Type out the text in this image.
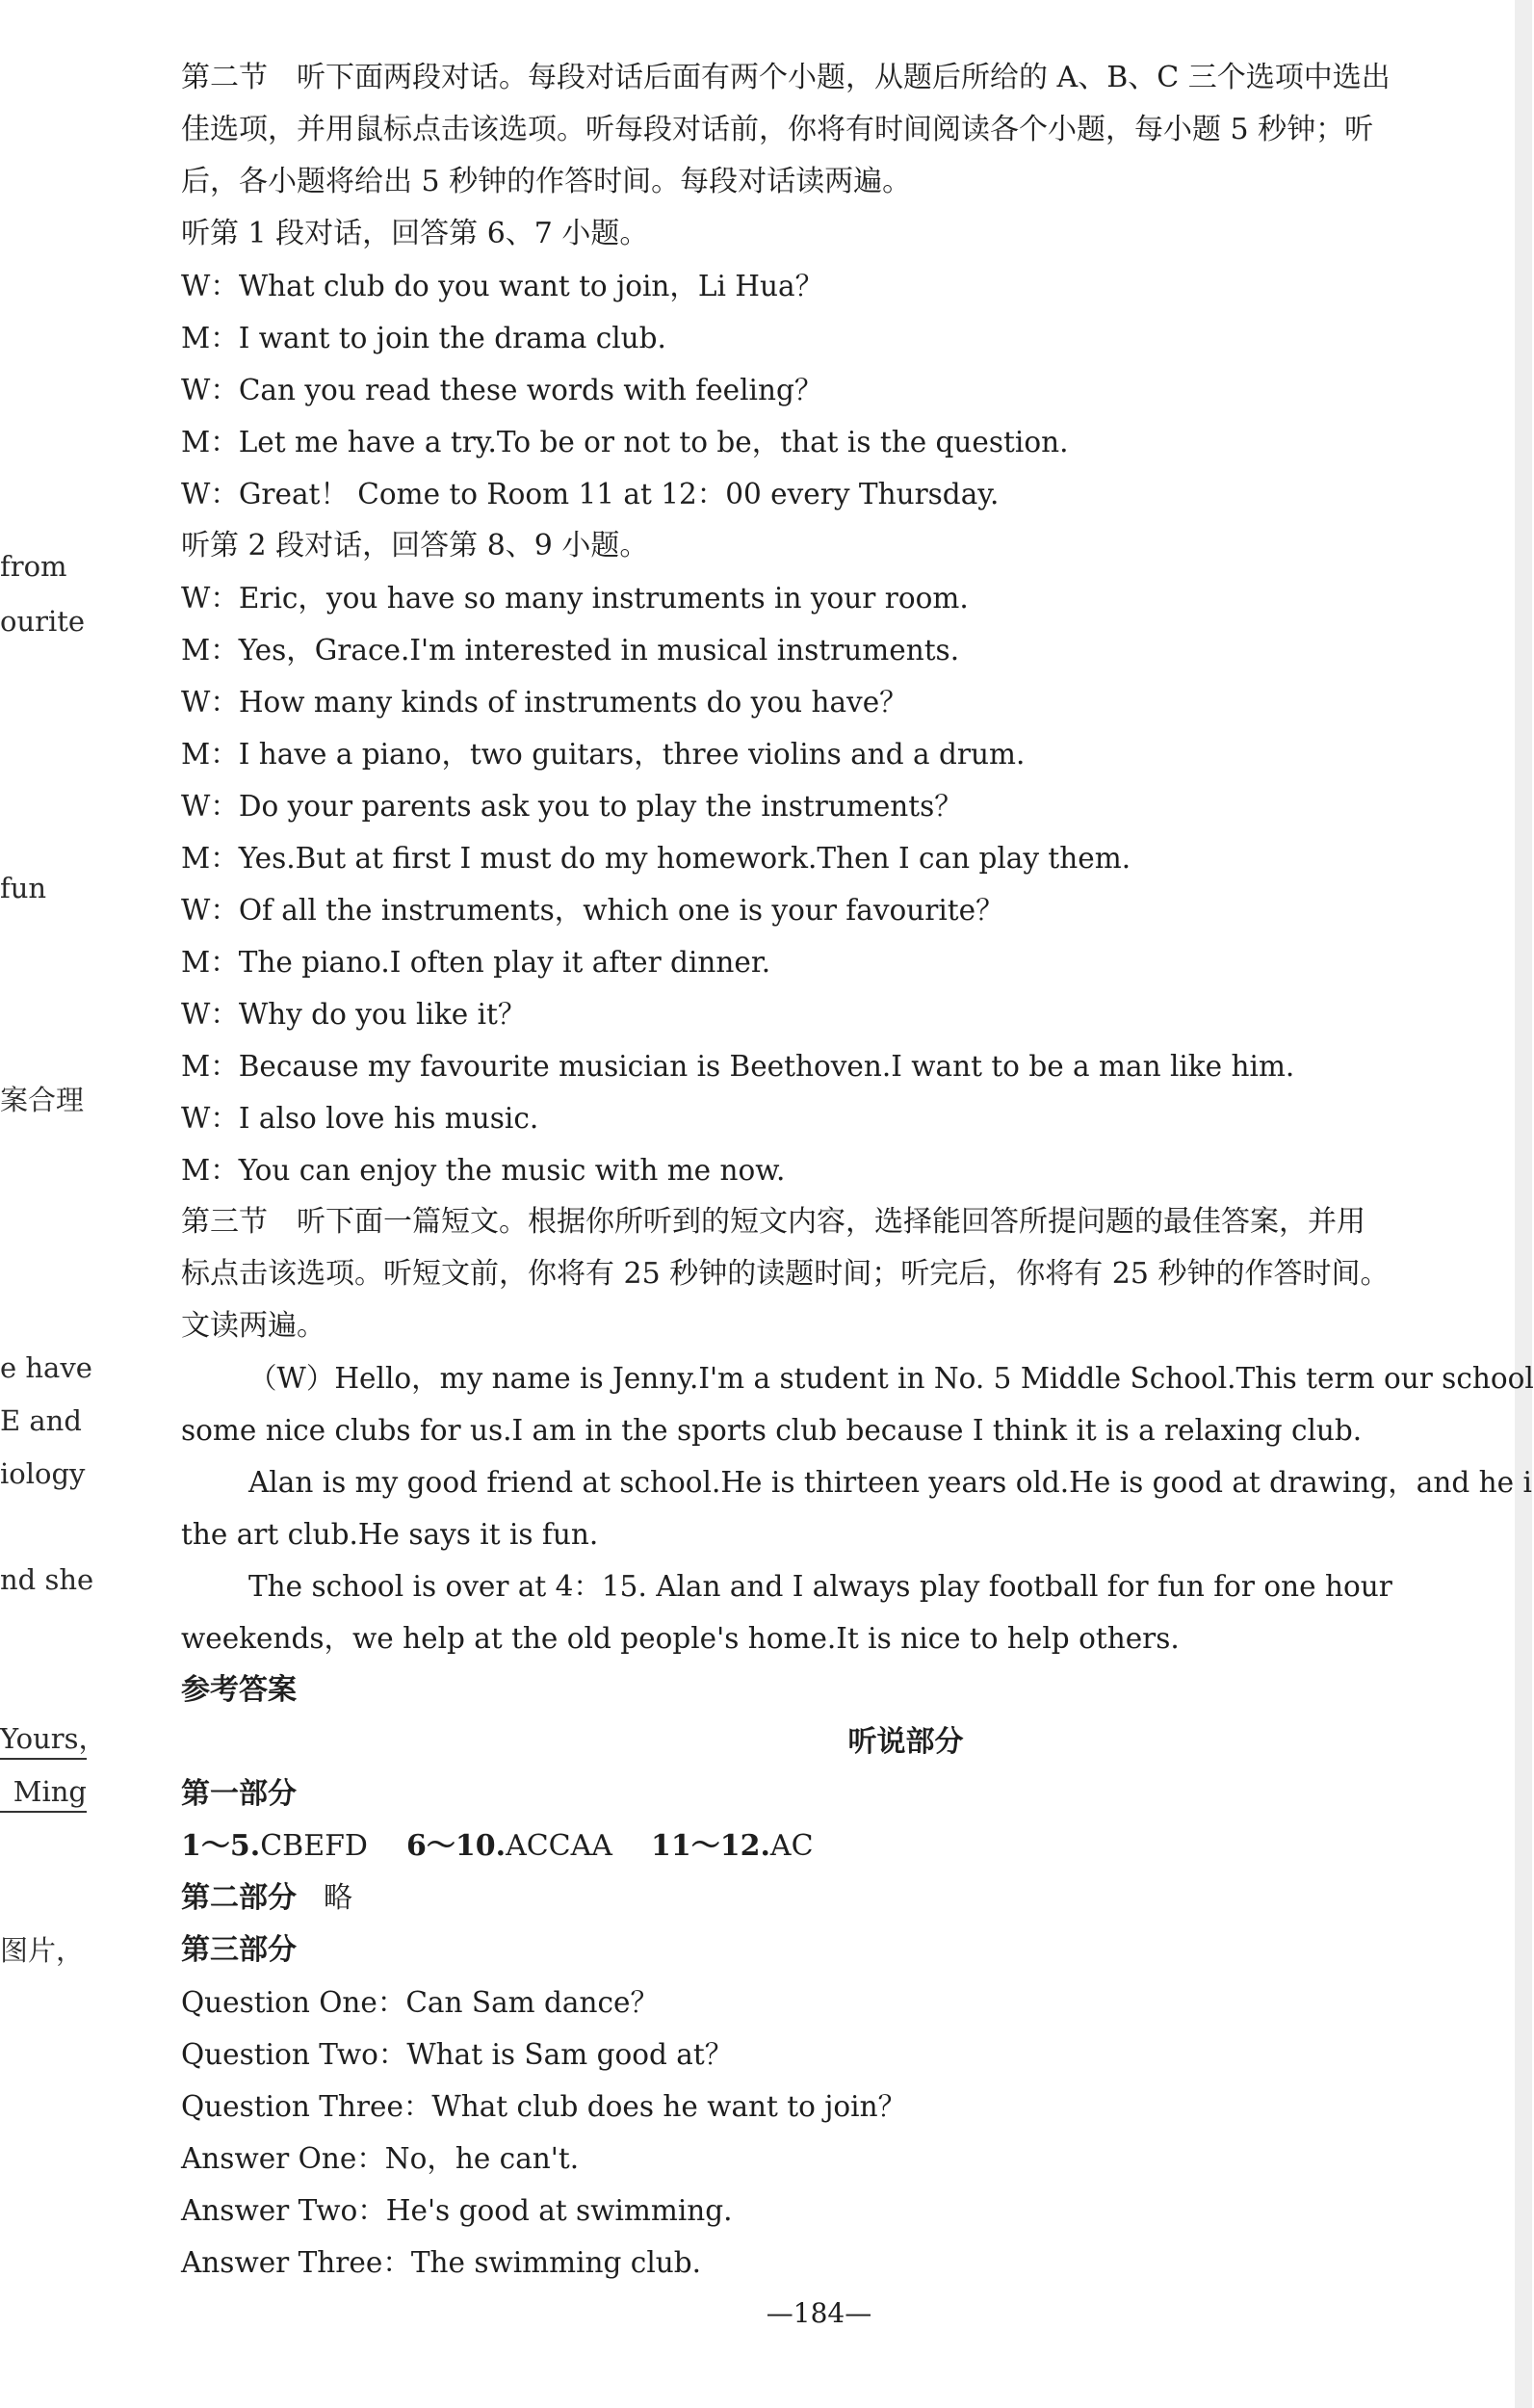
from
ourite
fun
案合理
e have
E and
iology
nd she
Yours，
Ming
图片，
第二节　听下面两段对话。每段对话后面有两个小题，从题后所给的 A、B、C 三个选项中选出
佳选项，并用鼠标点击该选项。听每段对话前，你将有时间阅读各个小题，每小题 5 秒钟；听
后，各小题将给出 5 秒钟的作答时间。每段对话读两遍。
听第 1 段对话，回答第 6、7 小题。
W：What club do you want to join，Li Hua？
M：I want to join the drama club.
W：Can you read these words with feeling？
M：Let me have a try.To be or not to be，that is the question.
W：Great！ Come to Room 11 at 12：00 every Thursday.
听第 2 段对话，回答第 8、9 小题。
W：Eric，you have so many instruments in your room.
M：Yes，Grace.I'm interested in musical instruments.
W：How many kinds of instruments do you have？
M：I have a piano，two guitars，three violins and a drum.
W：Do your parents ask you to play the instruments？
M：Yes.But at first I must do my homework.Then I can play them.
W：Of all the instruments，which one is your favourite？
M：The piano.I often play it after dinner.
W：Why do you like it？
M：Because my favourite musician is Beethoven.I want to be a man like him.
W：I also love his music.
M：You can enjoy the music with me now.
第三节　听下面一篇短文。根据你所听到的短文内容，选择能回答所提问题的最佳答案，并用
标点击该选项。听短文前，你将有 25 秒钟的读题时间；听完后，你将有 25 秒钟的作答时间。
文读两遍。
（W）Hello，my name is Jenny.I'm a student in No. 5 Middle School.This term our school
some nice clubs for us.I am in the sports club because I think it is a relaxing club.
Alan is my good friend at school.He is thirteen years old.He is good at drawing，and he i
the art club.He says it is fun.
The school is over at 4：15. Alan and I always play football for fun for one hour
weekends，we help at the old people's home.It is nice to help others.
参考答案
听说部分
第一部分
1～5.CBEFD 6～10.ACCAA 11～12.AC
第二部分 略
第三部分
Question One：Can Sam dance？
Question Two：What is Sam good at？
Question Three：What club does he want to join？
Answer One：No，he can't.
Answer Two：He's good at swimming.
Answer Three：The swimming club.
—184—
